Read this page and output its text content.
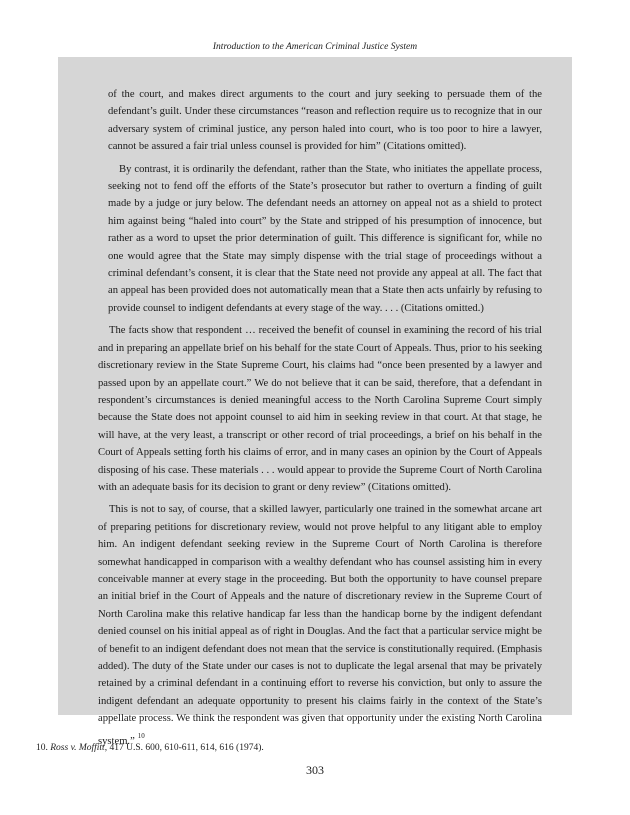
Introduction to the American Criminal Justice System

of the court, and makes direct arguments to the court and jury seeking to persuade them of the defendant’s guilt. Under these circumstances “reason and reflection require us to recognize that in our adversary system of criminal justice, any person haled into court, who is too poor to hire a lawyer, cannot be assured a fair trial unless counsel is provided for him” (Citations omitted).

By contrast, it is ordinarily the defendant, rather than the State, who initiates the appellate process, seeking not to fend off the efforts of the State’s prosecutor but rather to overturn a finding of guilt made by a judge or jury below. The defendant needs an attorney on appeal not as a shield to protect him against being “haled into court” by the State and stripped of his presumption of innocence, but rather as a word to upset the prior determination of guilt. This difference is significant for, while no one would agree that the State may simply dispense with the trial stage of proceedings without a criminal defendant’s consent, it is clear that the State need not provide any appeal at all. The fact that an appeal has been provided does not automatically mean that a State then acts unfairly by refusing to provide counsel to indigent defendants at every stage of the way. . . . (Citations omitted.)

The facts show that respondent … received the benefit of counsel in examining the record of his trial and in preparing an appellate brief on his behalf for the state Court of Appeals. Thus, prior to his seeking discretionary review in the State Supreme Court, his claims had “once been presented by a lawyer and passed upon by an appellate court.” We do not believe that it can be said, therefore, that a defendant in respondent’s circumstances is denied meaningful access to the North Carolina Supreme Court simply because the State does not appoint counsel to aid him in seeking review in that court. At that stage, he will have, at the very least, a transcript or other record of trial proceedings, a brief on his behalf in the Court of Appeals setting forth his claims of error, and in many cases an opinion by the Court of Appeals disposing of his case. These materials . . . would appear to provide the Supreme Court of North Carolina with an adequate basis for its decision to grant or deny review” (Citations omitted).

This is not to say, of course, that a skilled lawyer, particularly one trained in the somewhat arcane art of preparing petitions for discretionary review, would not prove helpful to any litigant able to employ him. An indigent defendant seeking review in the Supreme Court of North Carolina is therefore somewhat handicapped in comparison with a wealthy defendant who has counsel assisting him in every conceivable manner at every stage in the proceeding. But both the opportunity to have counsel prepare an initial brief in the Court of Appeals and the nature of discretionary review in the Supreme Court of North Carolina make this relative handicap far less than the handicap borne by the indigent defendant denied counsel on his initial appeal as of right in Douglas. And the fact that a particular service might be of benefit to an indigent defendant does not mean that the service is constitutionally required. (Emphasis added). The duty of the State under our cases is not to duplicate the legal arsenal that may be privately retained by a criminal defendant in a continuing effort to reverse his conviction, but only to assure the indigent defendant an adequate opportunity to present his claims fairly in the context of the State’s appellate process. We think the respondent was given that opportunity under the existing North Carolina system.” $^{10}$

10. Ross v. Moffitt, 417 U.S. 600, 610-611, 614, 616 (1974).
303
